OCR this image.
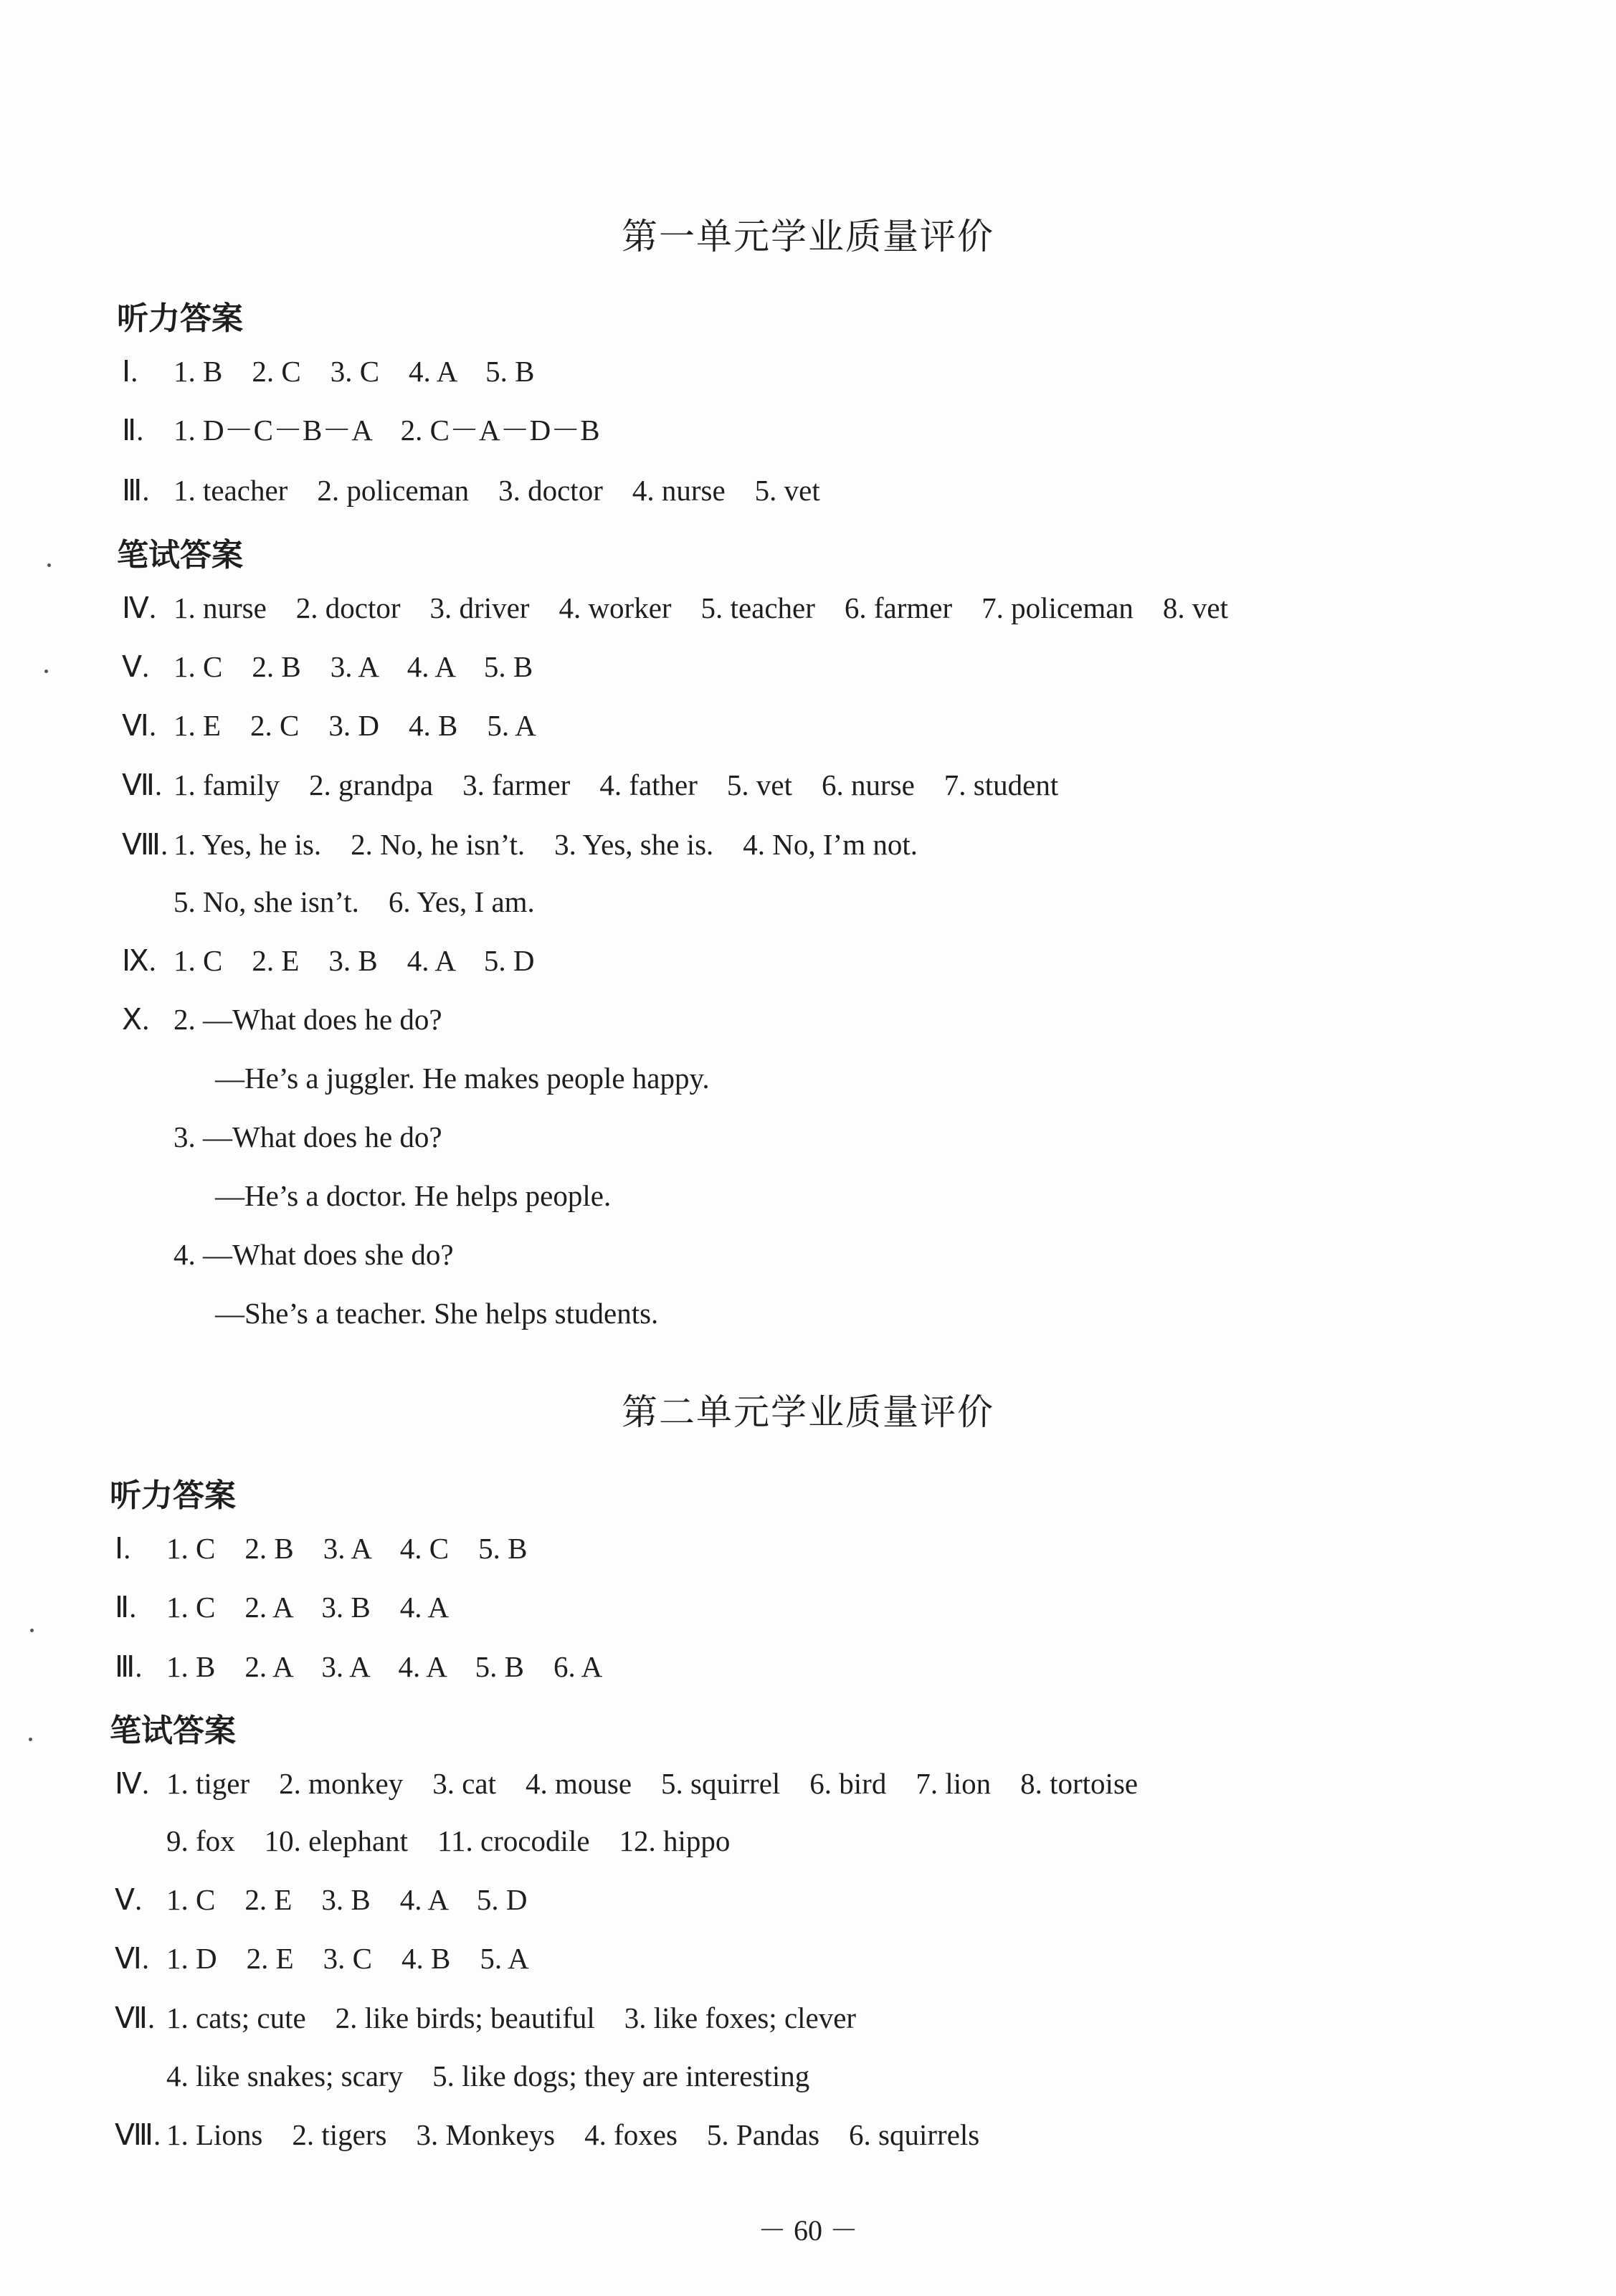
第一单元学业质量评价
听力答案
Ⅰ. 1. B    2. C    3. C    4. A    5. B
Ⅱ. 1. D－C－B－A    2. C－A－D－B
Ⅲ. 1. teacher    2. policeman    3. doctor    4. nurse    5. vet
笔试答案
Ⅳ. 1. nurse    2. doctor    3. driver    4. worker    5. teacher    6. farmer    7. policeman    8. vet
Ⅴ. 1. C    2. B    3. A    4. A    5. B
Ⅵ. 1. E    2. C    3. D    4. B    5. A
Ⅶ. 1. family    2. grandpa    3. farmer    4. father    5. vet    6. nurse    7. student
Ⅷ. 1. Yes, he is.    2. No, he isn’t.    3. Yes, she is.    4. No, I’m not.
5. No, she isn’t.    6. Yes, I am.
Ⅸ. 1. C    2. E    3. B    4. A    5. D
Ⅹ. 2. —What does he do?
—He’s a juggler. He makes people happy.
3. —What does he do?
—He’s a doctor. He helps people.
4. —What does she do?
—She’s a teacher. She helps students.
第二单元学业质量评价
听力答案
Ⅰ. 1. C    2. B    3. A    4. C    5. B
Ⅱ. 1. C    2. A    3. B    4. A
Ⅲ. 1. B    2. A    3. A    4. A    5. B    6. A
笔试答案
Ⅳ. 1. tiger    2. monkey    3. cat    4. mouse    5. squirrel    6. bird    7. lion    8. tortoise
9. fox    10. elephant    11. crocodile    12. hippo
Ⅴ. 1. C    2. E    3. B    4. A    5. D
Ⅵ. 1. D    2. E    3. C    4. B    5. A
Ⅶ. 1. cats; cute    2. like birds; beautiful    3. like foxes; clever
4. like snakes; scary    5. like dogs; they are interesting
Ⅷ. 1. Lions    2. tigers    3. Monkeys    4. foxes    5. Pandas    6. squirrels
－ 60 －
